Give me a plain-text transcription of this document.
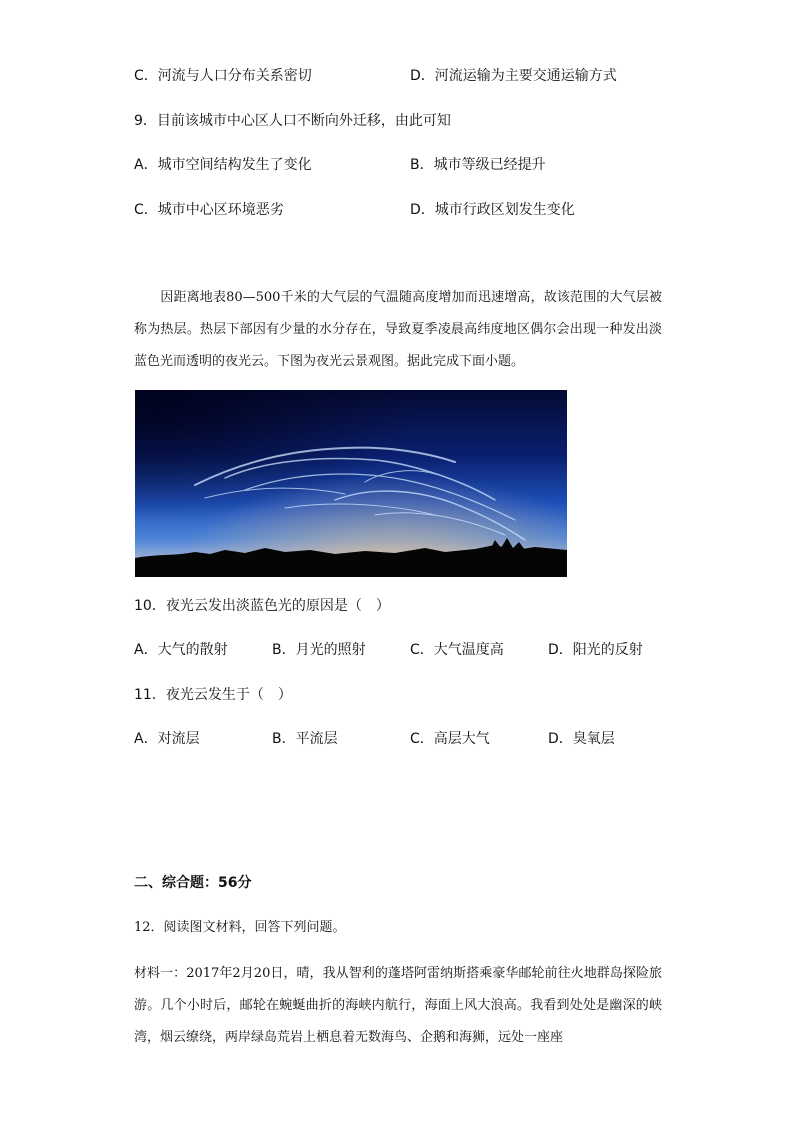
C．河流与人口分布关系密切	D．河流运输为主要交通运输方式
9．目前该城市中心区人口不断向外迁移，由此可知
A．城市空间结构发生了变化	B．城市等级已经提升
C．城市中心区环境恶劣	D．城市行政区划发生变化
　　因距离地表80—500千米的大气层的气温随高度增加而迅速增高，故该范围的大气层被称为热层。热层下部因有少量的水分存在，导致夏季凌晨高纬度地区偶尔会出现一种发出淡蓝色光而透明的夜光云。下图为夜光云景观图。据此完成下面小题。
10．夜光云发出淡蓝色光的原因是（　）
A．大气的散射	B．月光的照射	C．大气温度高	D．阳光的反射
11．夜光云发生于（　）
A．对流层	B．平流层	C．高层大气	D．臭氧层
二、综合题：56分
12．阅读图文材料，回答下列问题。
材料一：2017年2月20日，晴，我从智利的蓬塔阿雷纳斯搭乘豪华邮轮前往火地群岛探险旅游。几个小时后，邮轮在蜿蜒曲折的海峡内航行，海面上风大浪高。我看到处处是幽深的峡湾，烟云缭绕，两岸绿岛荒岩上栖息着无数海鸟、企鹅和海狮，远处一座座
